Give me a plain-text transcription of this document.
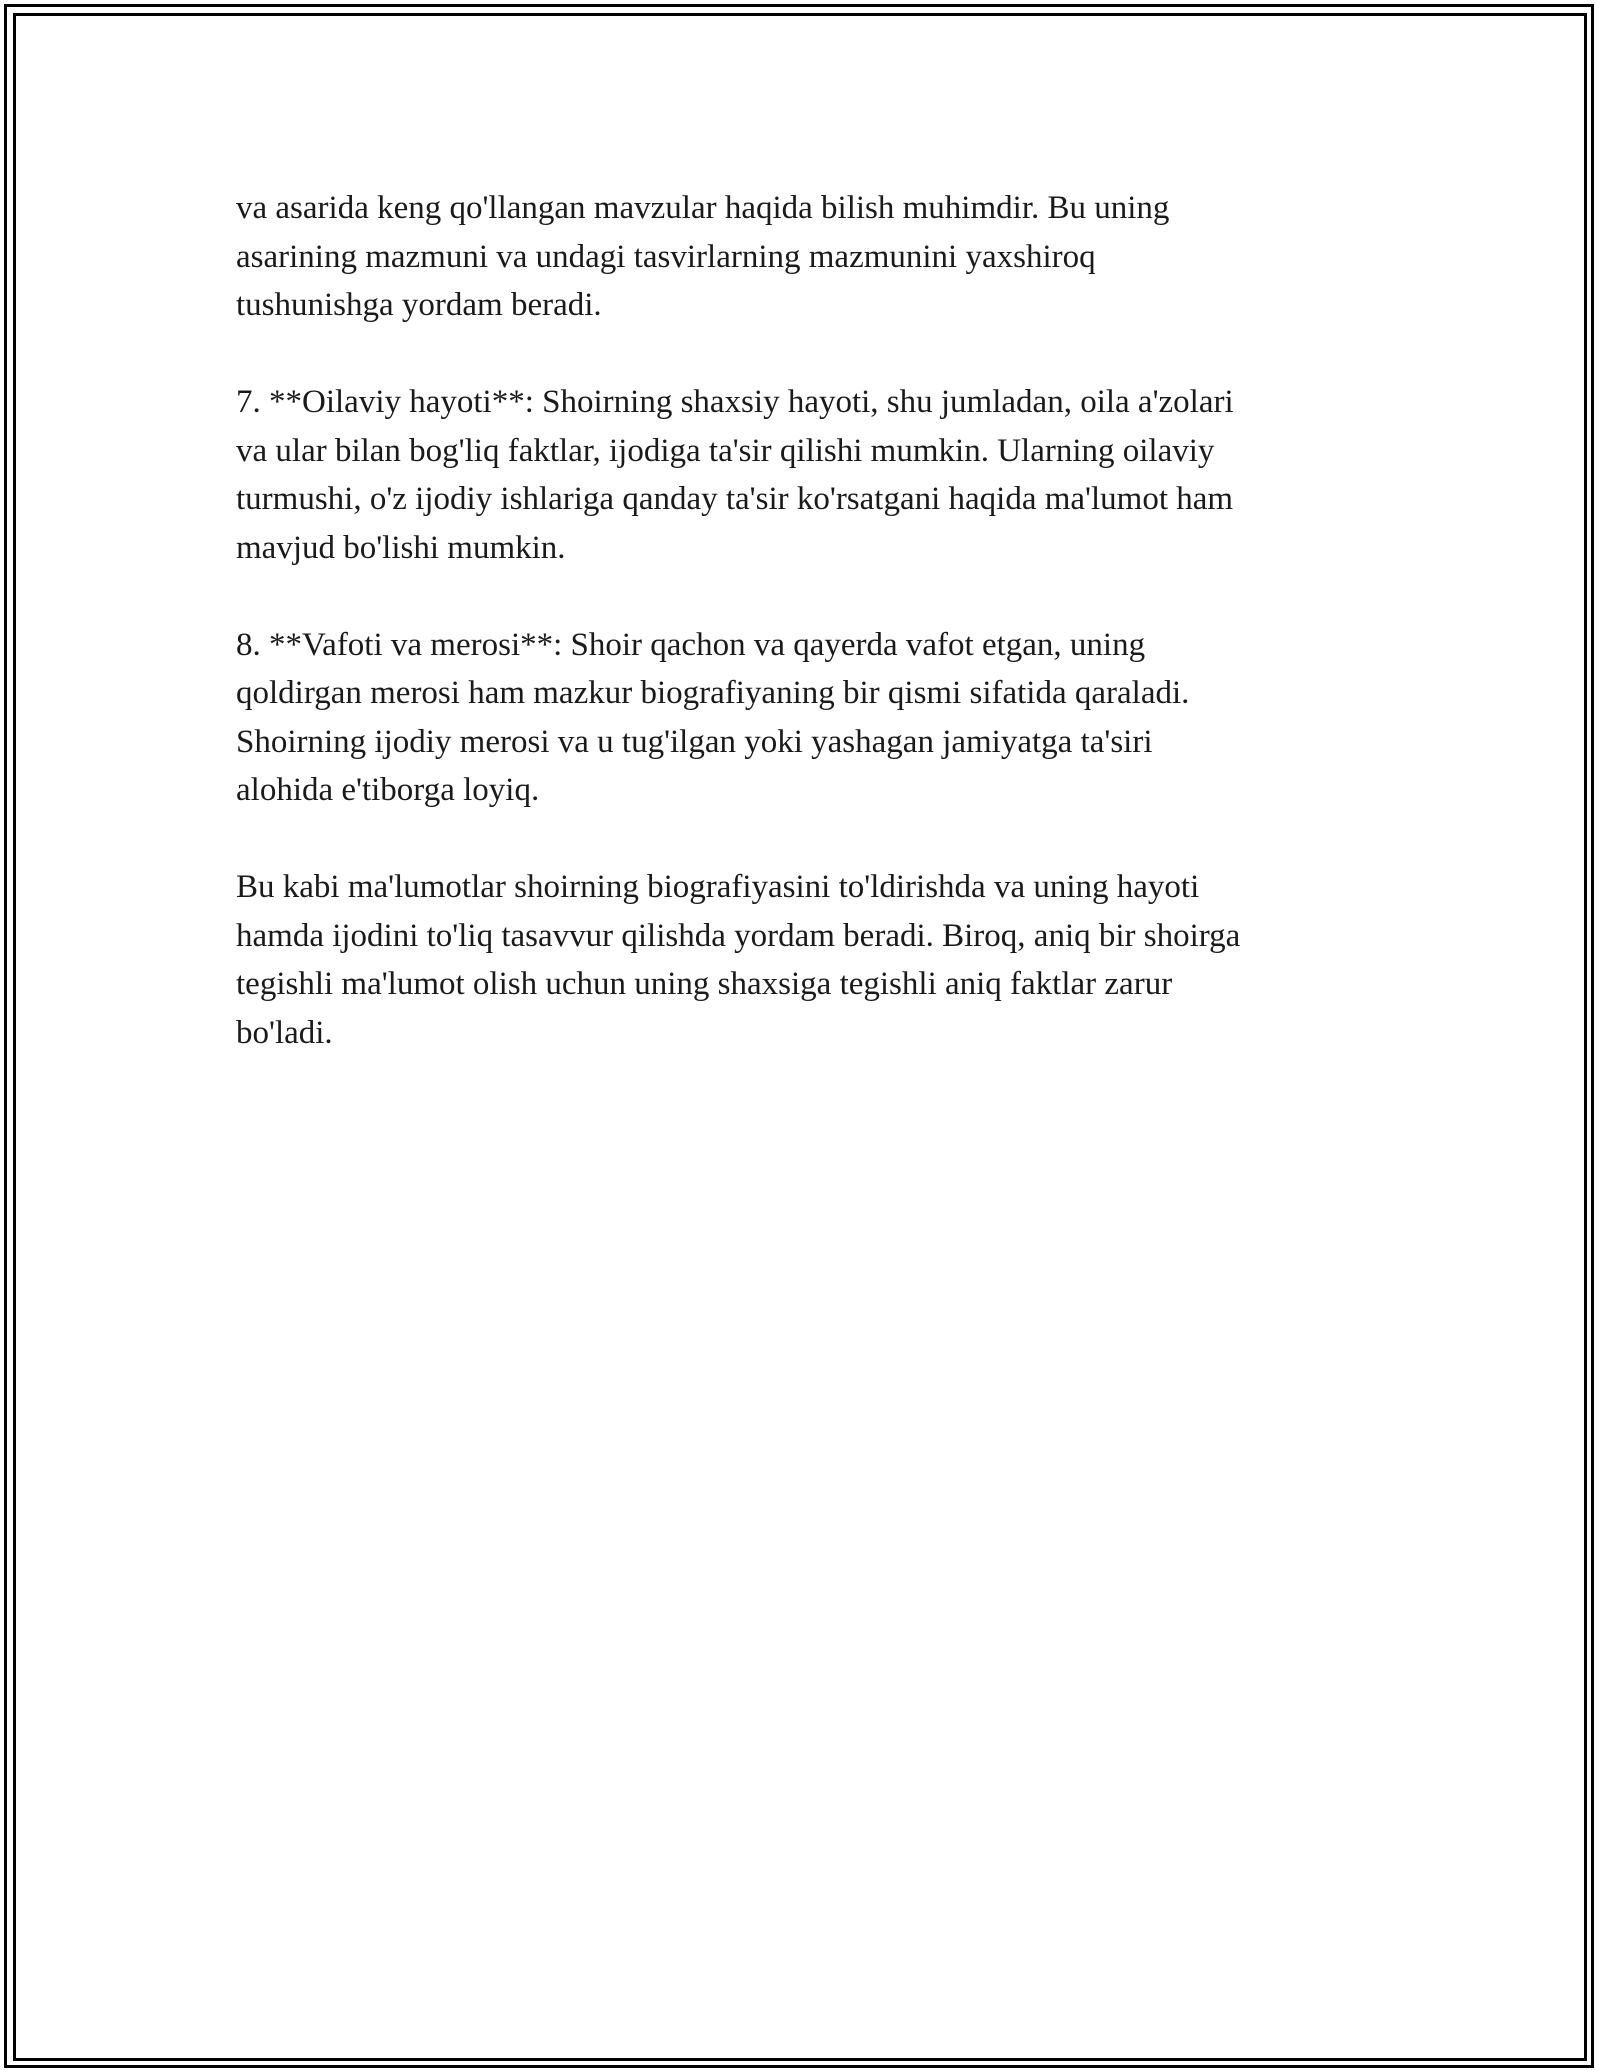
va asarida keng qo'llangan mavzular haqida bilish muhimdir. Bu uning
asarining mazmuni va undagi tasvirlarning mazmunini yaxshiroq
tushunishga yordam beradi.

7. **Oilaviy hayoti**: Shoirning shaxsiy hayoti, shu jumladan, oila a'zolari
va ular bilan bog'liq faktlar, ijodiga ta'sir qilishi mumkin. Ularning oilaviy
turmushi, o'z ijodiy ishlariga qanday ta'sir ko'rsatgani haqida ma'lumot ham
mavjud bo'lishi mumkin.

8. **Vafoti va merosi**: Shoir qachon va qayerda vafot etgan, uning
qoldirgan merosi ham mazkur biografiyaning bir qismi sifatida qaraladi.
Shoirning ijodiy merosi va u tug'ilgan yoki yashagan jamiyatga ta'siri
alohida e'tiborga loyiq.

Bu kabi ma'lumotlar shoirning biografiyasini to'ldirishda va uning hayoti
hamda ijodini to'liq tasavvur qilishda yordam beradi. Biroq, aniq bir shoirga
tegishli ma'lumot olish uchun uning shaxsiga tegishli aniq faktlar zarur
bo'ladi.
